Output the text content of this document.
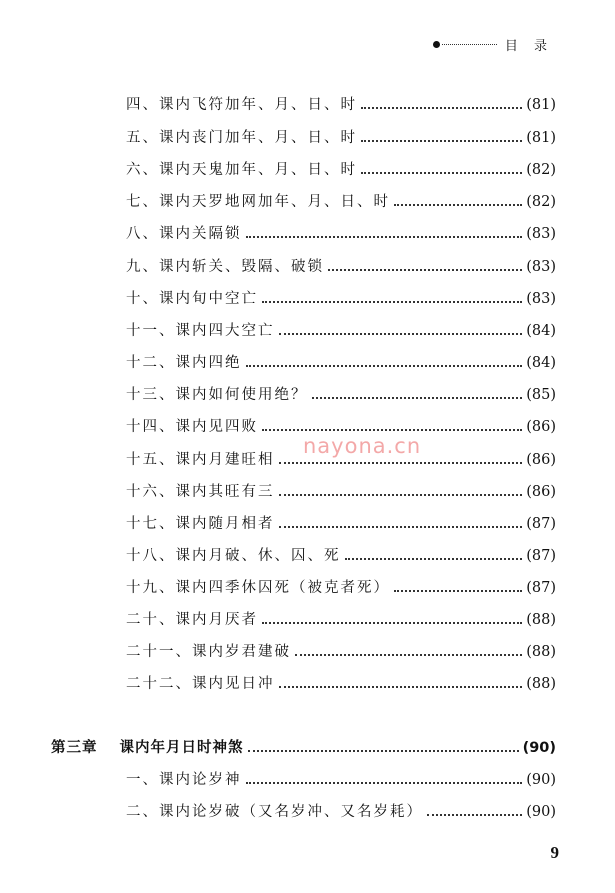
目 录
四、课内飞符加年、月、日、时	(81)
五、课内丧门加年、月、日、时	(81)
六、课内天鬼加年、月、日、时	(82)
七、课内天罗地网加年、月、日、时	(82)
八、课内关隔锁	(83)
九、课内斩关、毁隔、破锁	(83)
十、课内旬中空亡	(83)
十一、课内四大空亡	(84)
十二、课内四绝	(84)
十三、课内如何使用绝？	(85)
十四、课内见四败	(86)
十五、课内月建旺相	(86)
十六、课内其旺有三	(86)
十七、课内随月相者	(87)
十八、课内月破、休、囚、死	(87)
十九、课内四季休囚死（被克者死）	(87)
二十、课内月厌者	(88)
二十一、课内岁君建破	(88)
二十二、课内见日冲	(88)
第三章 课内年月日时神煞	(90)
一、课内论岁神	(90)
二、课内论岁破（又名岁冲、又名岁耗）	(90)
nayona.cn
9
